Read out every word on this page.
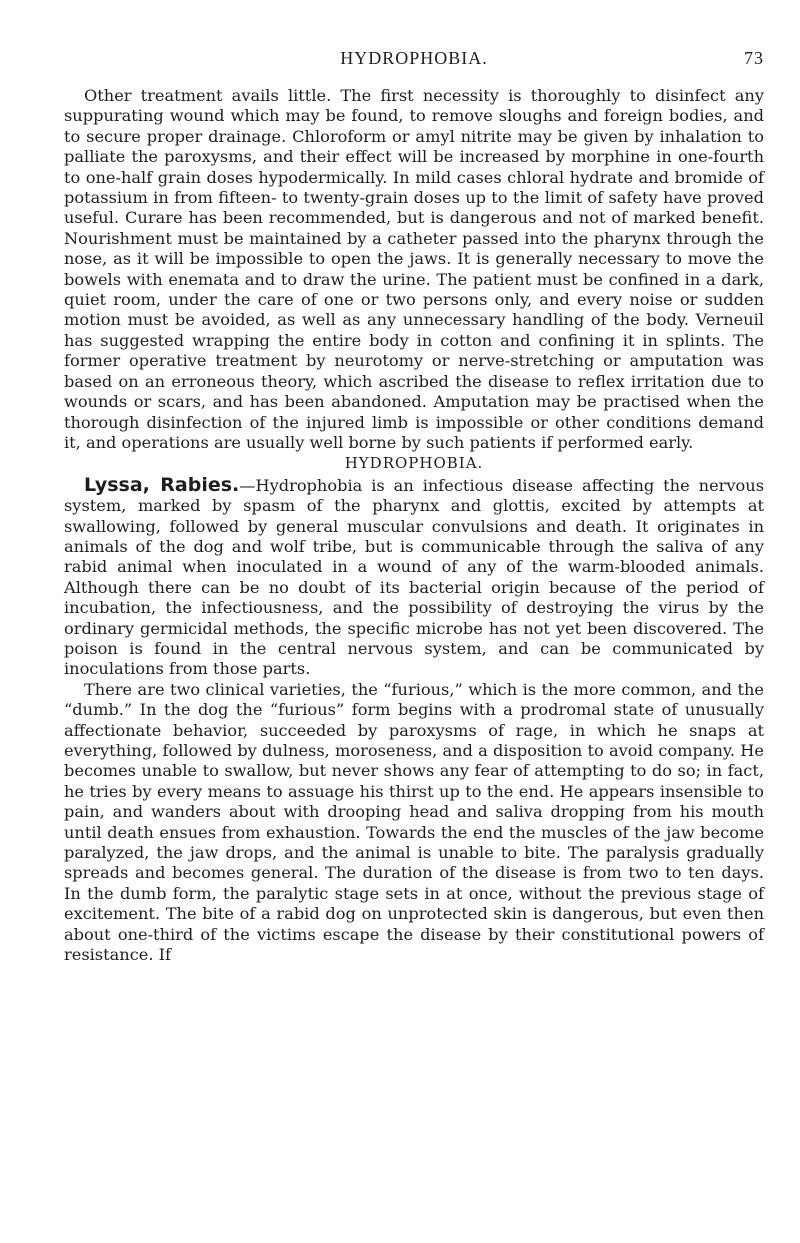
HYDROPHOBIA.	73

Other treatment avails little. The first necessity is thoroughly to disinfect any suppurating wound which may be found, to remove sloughs and foreign bodies, and to secure proper drainage. Chloroform or amyl nitrite may be given by inhalation to palliate the paroxysms, and their effect will be increased by morphine in one-fourth to one-half grain doses hypodermically. In mild cases chloral hydrate and bromide of potassium in from fifteen- to twenty-grain doses up to the limit of safety have proved useful. Curare has been recommended, but is dangerous and not of marked benefit. Nourishment must be maintained by a catheter passed into the pharynx through the nose, as it will be impossible to open the jaws. It is generally necessary to move the bowels with enemata and to draw the urine. The patient must be confined in a dark, quiet room, under the care of one or two persons only, and every noise or sudden motion must be avoided, as well as any unnecessary handling of the body. Verneuil has suggested wrapping the entire body in cotton and confining it in splints. The former operative treatment by neurotomy or nerve-stretching or amputation was based on an erroneous theory, which ascribed the disease to reflex irritation due to wounds or scars, and has been abandoned. Amputation may be practised when the thorough disinfection of the injured limb is impossible or other conditions demand it, and operations are usually well borne by such patients if performed early.

HYDROPHOBIA.

Lyssa, Rabies.—Hydrophobia is an infectious disease affecting the nervous system, marked by spasm of the pharynx and glottis, excited by attempts at swallowing, followed by general muscular convulsions and death. It originates in animals of the dog and wolf tribe, but is communicable through the saliva of any rabid animal when inoculated in a wound of any of the warm-blooded animals. Although there can be no doubt of its bacterial origin because of the period of incubation, the infectiousness, and the possibility of destroying the virus by the ordinary germicidal methods, the specific microbe has not yet been discovered. The poison is found in the central nervous system, and can be communicated by inoculations from those parts.

There are two clinical varieties, the “furious,” which is the more common, and the “dumb.” In the dog the “furious” form begins with a prodromal state of unusually affectionate behavior, succeeded by paroxysms of rage, in which he snaps at everything, followed by dulness, moroseness, and a disposition to avoid company. He becomes unable to swallow, but never shows any fear of attempting to do so; in fact, he tries by every means to assuage his thirst up to the end. He appears insensible to pain, and wanders about with drooping head and saliva dropping from his mouth until death ensues from exhaustion. Towards the end the muscles of the jaw become paralyzed, the jaw drops, and the animal is unable to bite. The paralysis gradually spreads and becomes general. The duration of the disease is from two to ten days. In the dumb form, the paralytic stage sets in at once, without the previous stage of excitement. The bite of a rabid dog on unprotected skin is dangerous, but even then about one-third of the victims escape the disease by their constitutional powers of resistance. If
